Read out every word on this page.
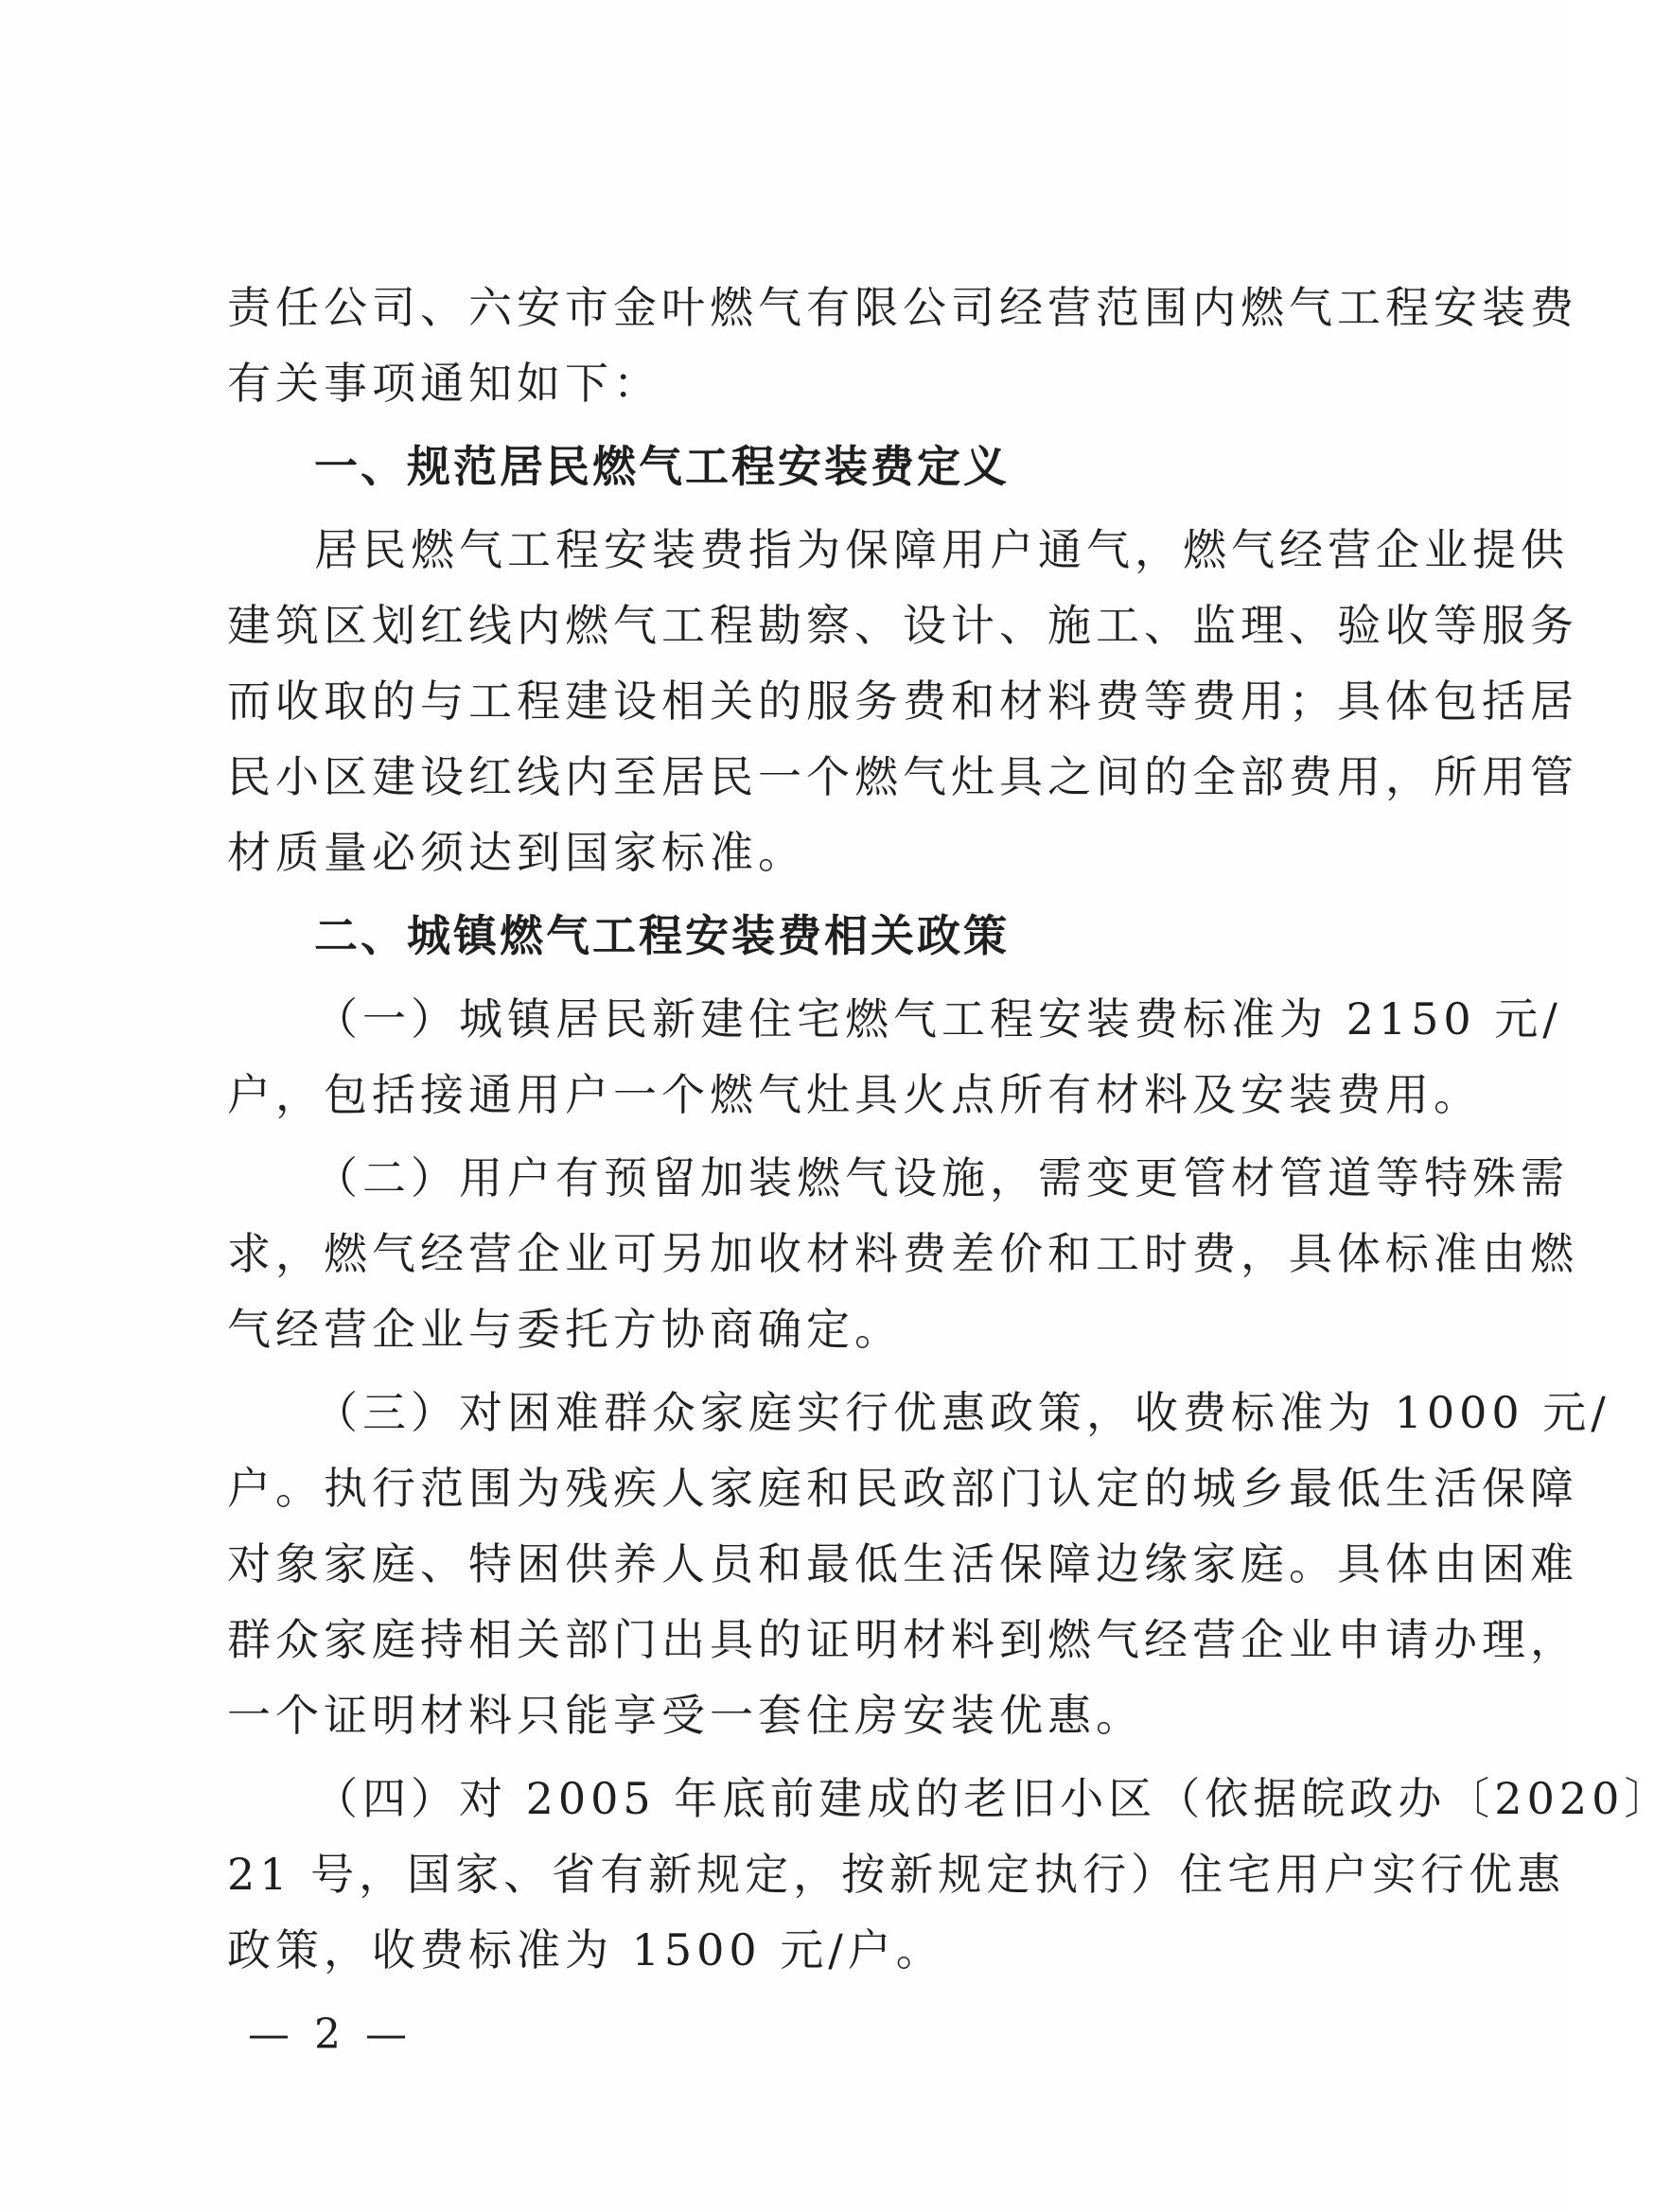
责任公司、六安市金叶燃气有限公司经营范围内燃气工程安装费
有关事项通知如下：
一、规范居民燃气工程安装费定义
居民燃气工程安装费指为保障用户通气，燃气经营企业提供
建筑区划红线内燃气工程勘察、设计、施工、监理、验收等服务
而收取的与工程建设相关的服务费和材料费等费用；具体包括居
民小区建设红线内至居民一个燃气灶具之间的全部费用，所用管
材质量必须达到国家标准。
二、城镇燃气工程安装费相关政策
（一）城镇居民新建住宅燃气工程安装费标准为 2150 元/
户，包括接通用户一个燃气灶具火点所有材料及安装费用。
（二）用户有预留加装燃气设施，需变更管材管道等特殊需
求，燃气经营企业可另加收材料费差价和工时费，具体标准由燃
气经营企业与委托方协商确定。
（三）对困难群众家庭实行优惠政策，收费标准为 1000 元/
户。执行范围为残疾人家庭和民政部门认定的城乡最低生活保障
对象家庭、特困供养人员和最低生活保障边缘家庭。具体由困难
群众家庭持相关部门出具的证明材料到燃气经营企业申请办理，
一个证明材料只能享受一套住房安装优惠。
（四）对 2005 年底前建成的老旧小区（依据皖政办〔2020〕
21 号，国家、省有新规定，按新规定执行）住宅用户实行优惠
政策，收费标准为 1500 元/户。
— 2 —
